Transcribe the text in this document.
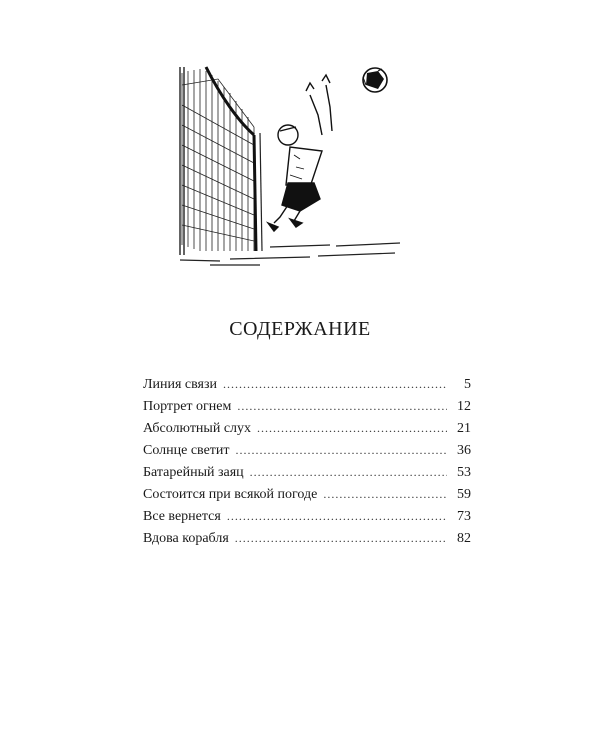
СОДЕРЖАНИЕ
Линия связи . . .	5
Портрет огнем . . .	12
Абсолютный слух . . .	21
Солнце светит . . .	36
Батарейный заяц . . .	53
Состоится при всякой погоде . . .	59
Все вернется . . .	73
Вдова корабля . . .	82
